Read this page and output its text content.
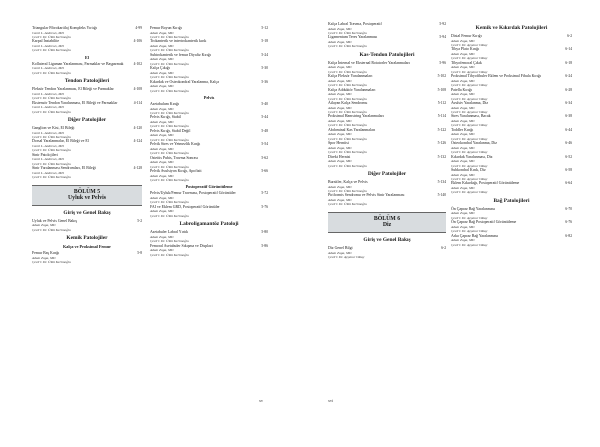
Triangular Fibrokartilaj Kompleks Yırtığı
Carol L. Andrews, MD
Çeviri: Dr. Ülkü Kerimoğlu
4-99
Karpal İnstabilite
Carol L. Andrews, MD
Çeviri: Dr. Ülkü Kerimoğlu
4-106
El
Kollateral Ligaman Yaralanması, Parmaklar ve Başparmak
Carol L. Andrews, MD
Çeviri: Dr. Ülkü Kerimoğlu
4-102
Tendon Patolojileri
Fleksör Tendon Yaralanması, El Bileği ve Parmaklar
Carol L. Andrews, MD
Çeviri: Dr. Ülkü Kerimoğlu
4-108
Ekstensör Tendon Yaralanması, El Bileği ve Parmaklar
Carol L. Andrews, MD
Çeviri: Dr. Ülkü Kerimoğlu
4-114
Diğer Patolojiler
Ganglion ve Kist, El Bileği
Carol L. Andrews, MD
Çeviri: Dr. Ülkü Kerimoğlu
4-120
Dorsal Yaralanmalar, El Bileği ve El
Carol L. Andrews, MD
Çeviri: Dr. Ülkü Kerimoğlu
4-124
Sinir Patolojileri
Carol L. Andrews, MD
Çeviri: Dr. Ülkü Kerimoğlu
Sinir Yaralanması Sendromları, El Bileği
Carol L. Andrews, MD
Çeviri: Dr. Ülkü Kerimoğlu
4-128
BÖLÜM 5
Uyluk ve Pelvis
Giriş ve Genel Bakış
Uyluk ve Pelvis Genel Bakış
Adam Zoga, MD
Çeviri: Dr. Ülkü Kerimoğlu
5-2
Kemik Patolojiler
Kalça ve Proksimal Femur
Femur Baş Kırığı
Adam Zoga, MD
Çeviri: Dr. Ülkü Kerimoğlu
5-8
Femur Boyun Kırığı
Adam Zoga, MD
Çeviri: Dr. Ülkü Kerimoğlu
5-12
Trokanterik ve intertrokanterik kırık
Adam Zoga, MD
Çeviri: Dr. Ülkü Kerimoğlu
5-18
Subtrokanterik ve femur Diyafiz Kırığı
Adam Zoga, MD
Çeviri: Dr. Ülkü Kerimoğlu
5-24
Kalça Çıkığı
Adam Zoga, MD
Çeviri: Dr. Ülkü Kerimoğlu
5-30
Kıkırdak ve Osteokondral Yaralanma, Kalça
Adam Zoga, MD
Çeviri: Dr. Ülkü Kerimoğlu
5-36
Pelvis
Asetabulum Kırığı
Adam Zoga, MD
Çeviri: Dr. Ülkü Kerimoğlu
5-40
Pelvis Kırığı, Stabil
Adam Zoga, MD
Çeviri: Dr. Ülkü Kerimoğlu
5-44
Pelvis Kırığı, Stabil Değil
Adam Zoga, MD
Çeviri: Dr. Ülkü Kerimoğlu
5-48
Pelvik Stres ve Yetmezlik Kırığı
Adam Zoga, MD
Çeviri: Dr. Ülkü Kerimoğlu
5-54
Osteitis Pubis, Travma Sonrası
Adam Zoga, MD
Çeviri: Dr. Ülkü Kerimoğlu
5-62
Pelvik Avulsiyon Kırığı, Apofizit
Adam Zoga, MD
Çeviri: Dr. Ülkü Kerimoğlu
5-66
Postoperatif Görüntüleme
Pelvis/Uyluk/Femur Travması, Postoperatif Görüntüler
Adam Zoga, MD
Çeviri: Dr. Ülkü Kerimoğlu
5-72
FAI ve Eklem GRD, Postoperatif Görüntüler
Adam Zoga, MD
Çeviri: Dr. Ülkü Kerimoğlu
5-76
Labroligamantöz Patoloji
Asetabuler Labral Yırtık
Adam Zoga, MD
Çeviri: Dr. Ülkü Kerimoğlu
5-80
Femoral Asetabuler Sıkışma ve Displazi
Adam Zoga, MD
Çeviri: Dr. Ülkü Kerimoğlu
5-86
xv
Kalça Labral Travma, Postoperatif
Adam Zoga, MD
Çeviri: Dr. Ülkü Kerimoğlu
5-92
Ligamentum Teres Yaralanması
Adam Zoga, MD
Çeviri: Dr. Ülkü Kerimoğlu
5-94
Kas-Tendon Patolojileri
Kalça İnternal ve Eksternal Rotatorler Yaralanmaları
Adam Zoga, MD
Çeviri: Dr. Ülkü Kerimoğlu
5-96
Kalça Fleksör Yaralanmaları
Adam Zoga, MD
Çeviri: Dr. Ülkü Kerimoğlu
5-102
Kalça Adduktör Yaralanmaları
Adam Zoga, MD
Çeviri: Dr. Ülkü Kerimoğlu
5-108
Atlayan Kalça Sendromu
Adam Zoga, MD
Çeviri: Dr. Ülkü Kerimoğlu
5-112
Proksimal Hamstring Yaralanmaları
Adam Zoga, MD
Çeviri: Dr. Ülkü Kerimoğlu
5-114
Abdominal Kas Yaralanmaları
Adam Zoga, MD
Çeviri: Dr. Ülkü Kerimoğlu
5-122
Spor Herniisi
Adam Zoga, MD
Çeviri: Dr. Ülkü Kerimoğlu
5-126
Direkt Hernisi
Adam Zoga, MD
Çeviri: Dr. Ülkü Kerimoğlu
5-132
Diğer Patolojiler
Bursitler, Kalça ve Pelvis
Adam Zoga, MD
Çeviri: Dr. Ülkü Kerimoğlu
5-134
Piriformis Sendromu ve Pelvis Sinir Yaralanması
Adam Zoga, MD
Çeviri: Dr. Ülkü Kerimoğlu
5-140
BÖLÜM 6
Diz
Giriş ve Genel Bakış
Diz Genel Bilgi
Adam Zoga, MD
Çeviri: Dr. Ayşenur Oktay
6-2
xvi
Kemik ve Kıkırdak Patolojileri
Distal Femur Kırığı
Adam Zoga, MD
Çeviri: Dr. Ayşenur Oktay
6-2
Tibya Plato Kırığı
Adam Zoga, MD
Çeviri: Dr. Ayşenur Oktay
6-14
Tibyofemoral Çıkık
Adam Zoga, MD
Çeviri: Dr. Ayşenur Oktay
6-18
Proksimal Tibyofibuler Eklem ve Proksimal Fibula Kırığı
Adam Zoga, MD
Çeviri: Dr. Ayşenur Oktay
6-24
Patella Kırığı
Adam Zoga, MD
Çeviri: Dr. Ayşenur Oktay
6-28
Avulsiv Yaralanma, Diz
Adam Zoga, MD
Çeviri: Dr. Ayşenur Oktay
6-34
Stres Yaralanması, Bacak
Adam Zoga, MD
Çeviri: Dr. Ayşenur Oktay
6-38
Toddler Kırığı
Adam Zoga, MD
Çeviri: Dr. Ayşenur Oktay
6-44
Osteokondral Yaralanma, Diz
Adam Zoga, MD
Çeviri: Dr. Ayşenur Oktay
6-46
Kıkırdak Yaralanması, Diz
Adam Zoga, MD
Çeviri: Dr. Ayşenur Oktay
6-52
Subkondral Kırık, Diz
Adam Zoga, MD
Çeviri: Dr. Ayşenur Oktay
6-58
Eklem Kıkırdağı, Postoperatif Görüntüleme
Adam Zoga, MD
Çeviri: Dr. Ayşenur Oktay
6-64
Bağ Patolojileri
Ön Çapraz Bağ Yaralanması
Adam Zoga, MD
Çeviri: Dr. Ayşenur Oktay
6-70
Ön Çapraz Bağ Postoperatif Görüntüleme
Adam Zoga, MD
Çeviri: Dr. Ayşenur Oktay
6-76
Arka Çapraz Bağ Yaralanması
Adam Zoga, MD
Çeviri: Dr. Ayşenur Oktay
6-82
